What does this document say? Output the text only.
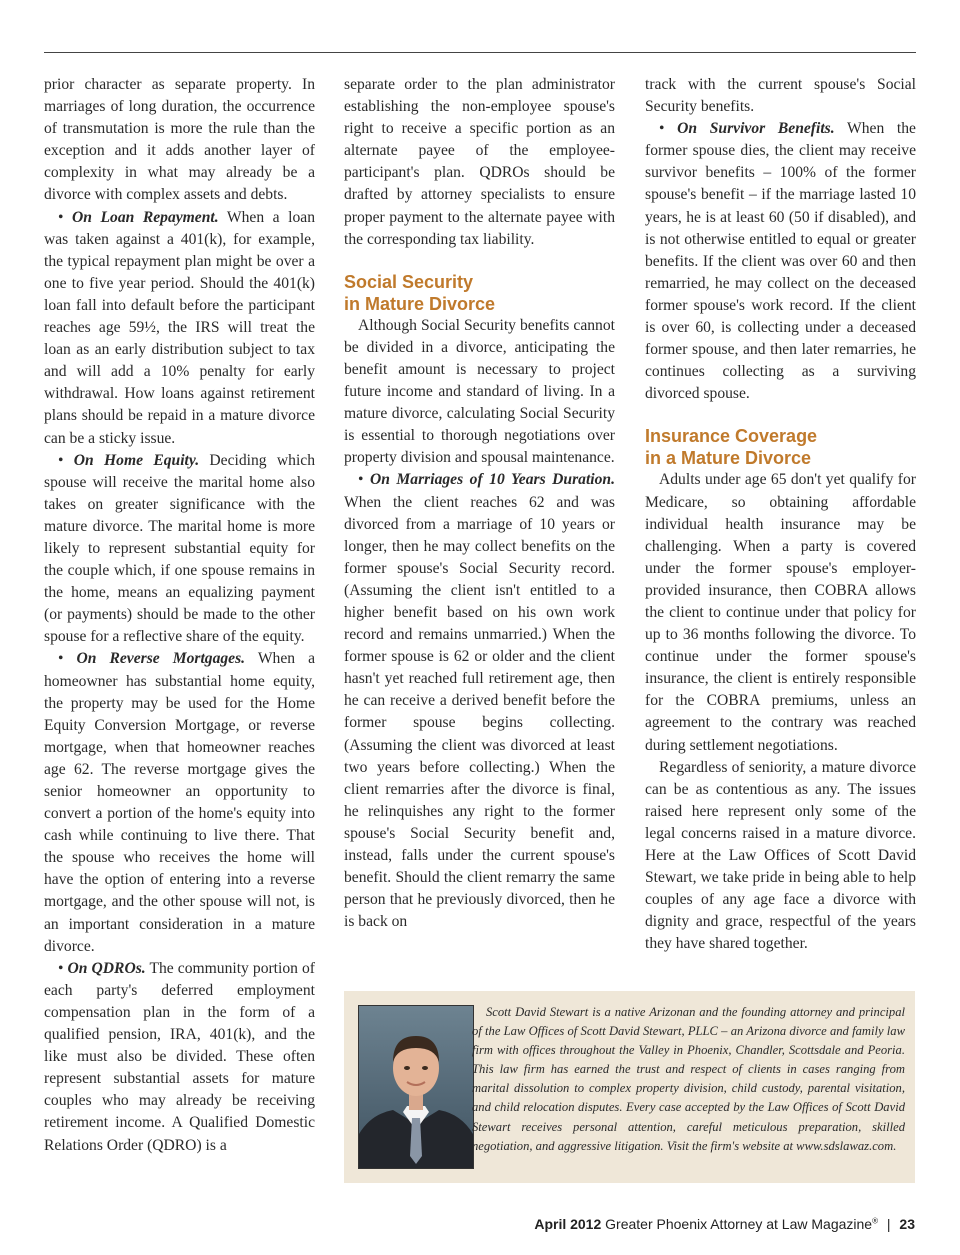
prior character as separate property. In marriages of long duration, the occurrence of transmutation is more the rule than the exception and it adds another layer of complexity in what may already be a divorce with complex assets and debts.

• On Loan Repayment. When a loan was taken against a 401(k), for example, the typical repayment plan might be over a one to five year period. Should the 401(k) loan fall into default before the participant reaches age 59½, the IRS will treat the loan as an early distribution subject to tax and will add a 10% penalty for early withdrawal. How loans against retirement plans should be repaid in a mature divorce can be a sticky issue.

• On Home Equity. Deciding which spouse will receive the marital home also takes on greater significance with the mature divorce. The marital home is more likely to represent substantial equity for the couple which, if one spouse remains in the home, means an equalizing payment (or payments) should be made to the other spouse for a reflective share of the equity.

• On Reverse Mortgages. When a homeowner has substantial home equity, the property may be used for the Home Equity Conversion Mortgage, or reverse mortgage, when that homeowner reaches age 62. The reverse mortgage gives the senior homeowner an opportunity to convert a portion of the home's equity into cash while continuing to live there. That the spouse who receives the home will have the option of entering into a reverse mortgage, and the other spouse will not, is an important consideration in a mature divorce.

• On QDROs. The community portion of each party's deferred employment compensation plan in the form of a qualified pension, IRA, 401(k), and the like must also be divided. These often represent substantial assets for mature couples who may already be receiving retirement income. A Qualified Domestic Relations Order (QDRO) is a

separate order to the plan administrator establishing the non-employee spouse's right to receive a specific portion as an alternate payee of the employee-participant's plan. QDROs should be drafted by attorney specialists to ensure proper payment to the alternate payee with the corresponding tax liability.

Social Security
in Mature Divorce

Although Social Security benefits cannot be divided in a divorce, anticipating the benefit amount is necessary to project future income and standard of living. In a mature divorce, calculating Social Security is essential to thorough negotiations over property division and spousal maintenance.

• On Marriages of 10 Years Duration. When the client reaches 62 and was divorced from a marriage of 10 years or longer, then he may collect benefits on the former spouse's Social Security record. (Assuming the client isn't entitled to a higher benefit based on his own work record and remains unmarried.) When the former spouse is 62 or older and the client hasn't yet reached full retirement age, then he can receive a derived benefit before the former spouse begins collecting. (Assuming the client was divorced at least two years before collecting.) When the client remarries after the divorce is final, he relinquishes any right to the former spouse's Social Security benefit and, instead, falls under the current spouse's benefit. Should the client remarry the same person that he previously divorced, then he is back on

track with the current spouse's Social Security benefits.

• On Survivor Benefits. When the former spouse dies, the client may receive survivor benefits – 100% of the former spouse's benefit – if the marriage lasted 10 years, he is at least 60 (50 if disabled), and is not otherwise entitled to equal or greater benefits. If the client was over 60 and then remarried, he may collect on the deceased former spouse's work record. If the client is over 60, is collecting under a deceased former spouse, and then later remarries, he continues collecting as a surviving divorced spouse.

Insurance Coverage
in a Mature Divorce

Adults under age 65 don't yet qualify for Medicare, so obtaining affordable individual health insurance may be challenging. When a party is covered under the former spouse's employer-provided insurance, then COBRA allows the client to continue under that policy for up to 36 months following the divorce. To continue under the former spouse's insurance, the client is entirely responsible for the COBRA premiums, unless an agreement to the contrary was reached during settlement negotiations.

Regardless of seniority, a mature divorce can be as contentious as any. The issues raised here represent only some of the legal concerns raised in a mature divorce. Here at the Law Offices of Scott David Stewart, we take pride in being able to help couples of any age face a divorce with dignity and grace, respectful of the years they have shared together.

Scott David Stewart is a native Arizonan and the founding attorney and principal of the Law Offices of Scott David Stewart, PLLC – an Arizona divorce and family law firm with offices throughout the Valley in Phoenix, Chandler, Scottsdale and Peoria. This law firm has earned the trust and respect of clients in cases ranging from marital dissolution to complex property division, child custody, parental visitation, and child relocation disputes. Every case accepted by the Law Offices of Scott David Stewart receives personal attention, careful meticulous preparation, skilled negotiation, and aggressive litigation. Visit the firm's website at www.sdslawaz.com.

April 2012 Greater Phoenix Attorney at Law Magazine® | 23
